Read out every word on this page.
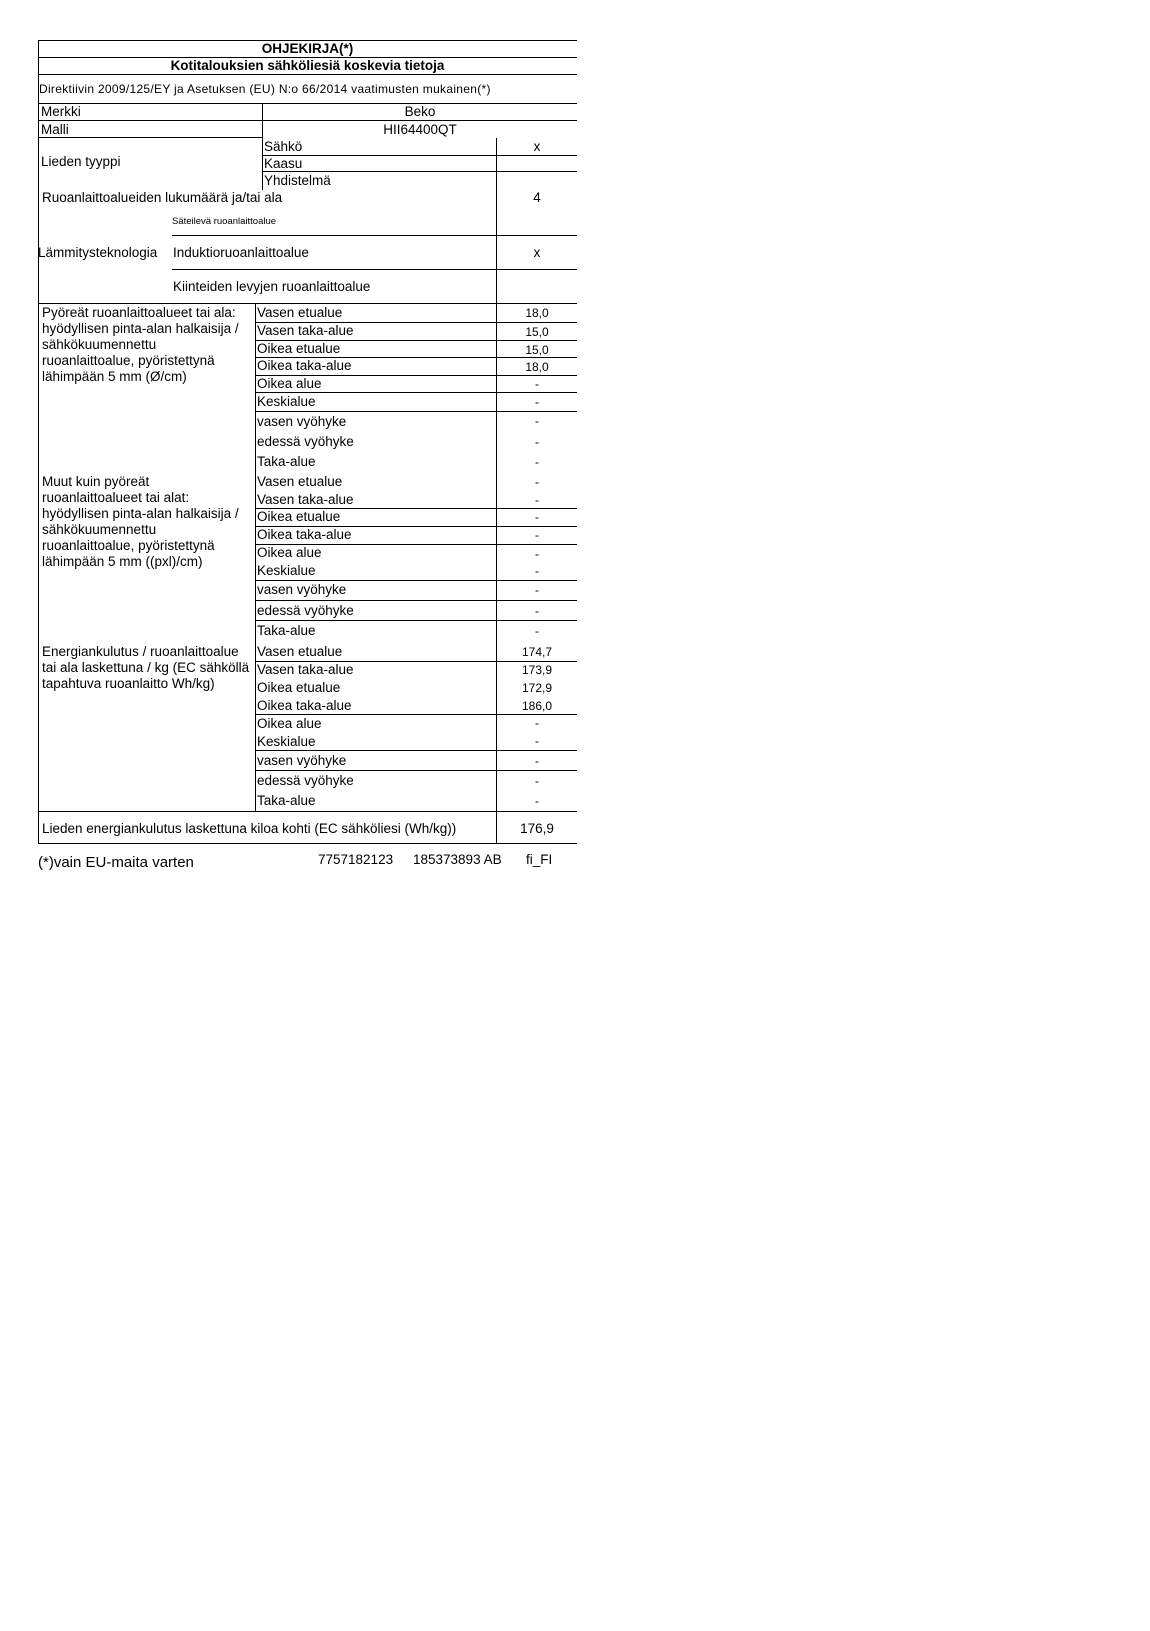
OHJEKIRJA(*)
Kotitalouksien sähköliesiä koskevia tietoja
Direktiivin 2009/125/EY ja Asetuksen (EU) N:o 66/2014 vaatimusten mukainen(*)
Merkki	Beko
Malli	HII64400QT
Lieden tyyppi
Sähkö	x
Kaasu
Yhdistelmä
Ruoanlaittoalueiden lukumäärä ja/tai ala	4
Säteilevä ruoanlaittoalue
Lämmitysteknologia Induktioruoanlaittoalue	x
Kiinteiden levyjen ruoanlaittoalue
Pyöreät ruoanlaittoalueet tai ala: hyödyllisen pinta-alan halkaisija / sähkökuumennettu ruoanlaittoalue, pyöristettynä lähimpään 5 mm (Ø/cm)
Vasen etualue	18,0
Vasen taka-alue	15,0
Oikea etualue	15,0
Oikea taka-alue	18,0
Oikea alue	-
Keskialue	-
vasen vyöhyke	-
edessä vyöhyke	-
Taka-alue	-
Muut kuin pyöreät ruoanlaittoalueet tai alat: hyödyllisen pinta-alan halkaisija / sähkökuumennettu ruoanlaittoalue, pyöristettynä lähimpään 5 mm ((pxl)/cm)
Vasen etualue	-
Vasen taka-alue	-
Oikea etualue	-
Oikea taka-alue	-
Oikea alue	-
Keskialue	-
vasen vyöhyke	-
edessä vyöhyke	-
Taka-alue	-
Energiankulutus / ruoanlaittoalue tai ala laskettuna / kg (EC sähköllä tapahtuva ruoanlaitto Wh/kg)
Vasen etualue	174,7
Vasen taka-alue	173,9
Oikea etualue	172,9
Oikea taka-alue	186,0
Oikea alue	-
Keskialue	-
vasen vyöhyke	-
edessä vyöhyke	-
Taka-alue	-
Lieden energiankulutus laskettuna kiloa kohti (EC sähköliesi (Wh/kg))	176,9
(*)vain EU-maita varten	7757182123 185373893 AB fi_FI
